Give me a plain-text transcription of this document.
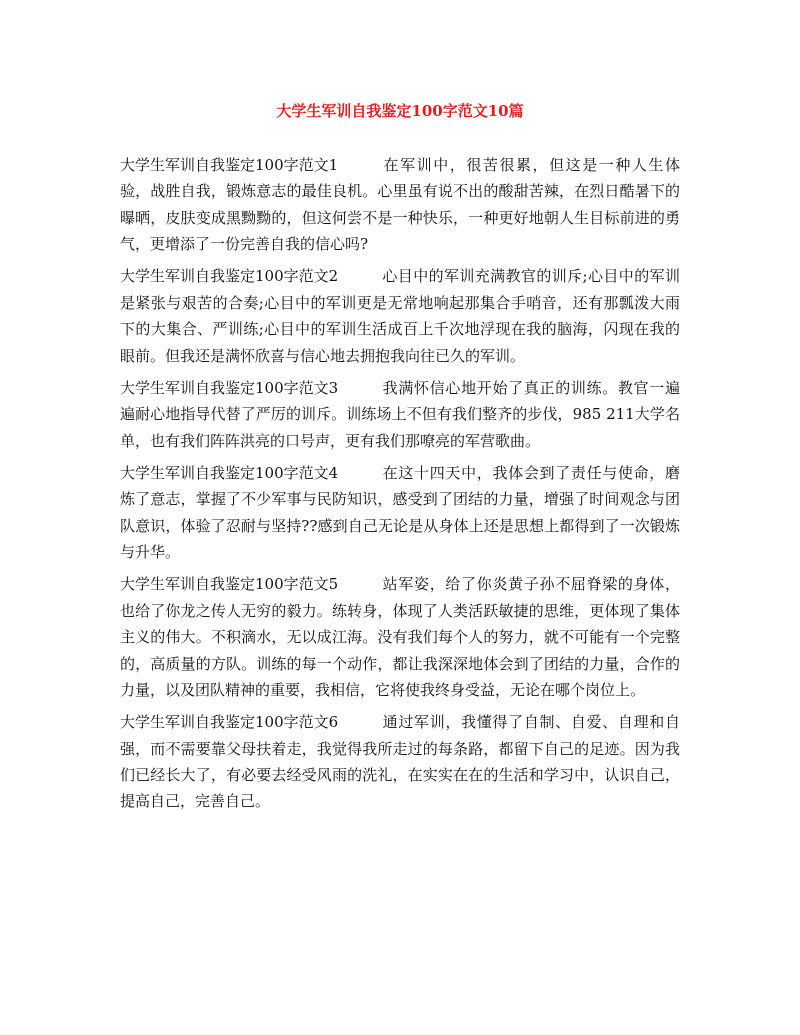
大学生军训自我鉴定100字范文10篇

大学生军训自我鉴定100字范文1	在军训中，很苦很累，但这是一种人生体验，战胜自我，锻炼意志的最佳良机。心里虽有说不出的酸甜苦辣，在烈日酷暑下的曝晒，皮肤变成黑黝黝的，但这何尝不是一种快乐，一种更好地朝人生目标前进的勇气，更增添了一份完善自我的信心吗?

大学生军训自我鉴定100字范文2	心目中的军训充满教官的训斥;心目中的军训是紧张与艰苦的合奏;心目中的军训更是无常地响起那集合手哨音，还有那瓢泼大雨下的大集合、严训练;心目中的军训生活成百上千次地浮现在我的脑海，闪现在我的眼前。但我还是满怀欣喜与信心地去拥抱我向往已久的军训。

大学生军训自我鉴定100字范文3	我满怀信心地开始了真正的训练。教官一遍遍耐心地指导代替了严厉的训斥。训练场上不但有我们整齐的步伐，985 211大学名单，也有我们阵阵洪亮的口号声，更有我们那嘹亮的军营歌曲。

大学生军训自我鉴定100字范文4	在这十四天中，我体会到了责任与使命，磨炼了意志，掌握了不少军事与民防知识，感受到了团结的力量，增强了时间观念与团队意识，体验了忍耐与坚持??感到自己无论是从身体上还是思想上都得到了一次锻炼与升华。

大学生军训自我鉴定100字范文5	站军姿，给了你炎黄子孙不屈脊梁的身体，也给了你龙之传人无穷的毅力。练转身，体现了人类活跃敏捷的思维，更体现了集体主义的伟大。不积滴水，无以成江海。没有我们每个人的努力，就不可能有一个完整的，高质量的方队。训练的每一个动作，都让我深深地体会到了团结的力量，合作的力量，以及团队精神的重要，我相信，它将使我终身受益，无论在哪个岗位上。

大学生军训自我鉴定100字范文6	通过军训，我懂得了自制、自爱、自理和自强，而不需要靠父母扶着走，我觉得我所走过的每条路，都留下自己的足迹。因为我们已经长大了，有必要去经受风雨的洗礼，在实实在在的生活和学习中，认识自己，提高自己，完善自己。
